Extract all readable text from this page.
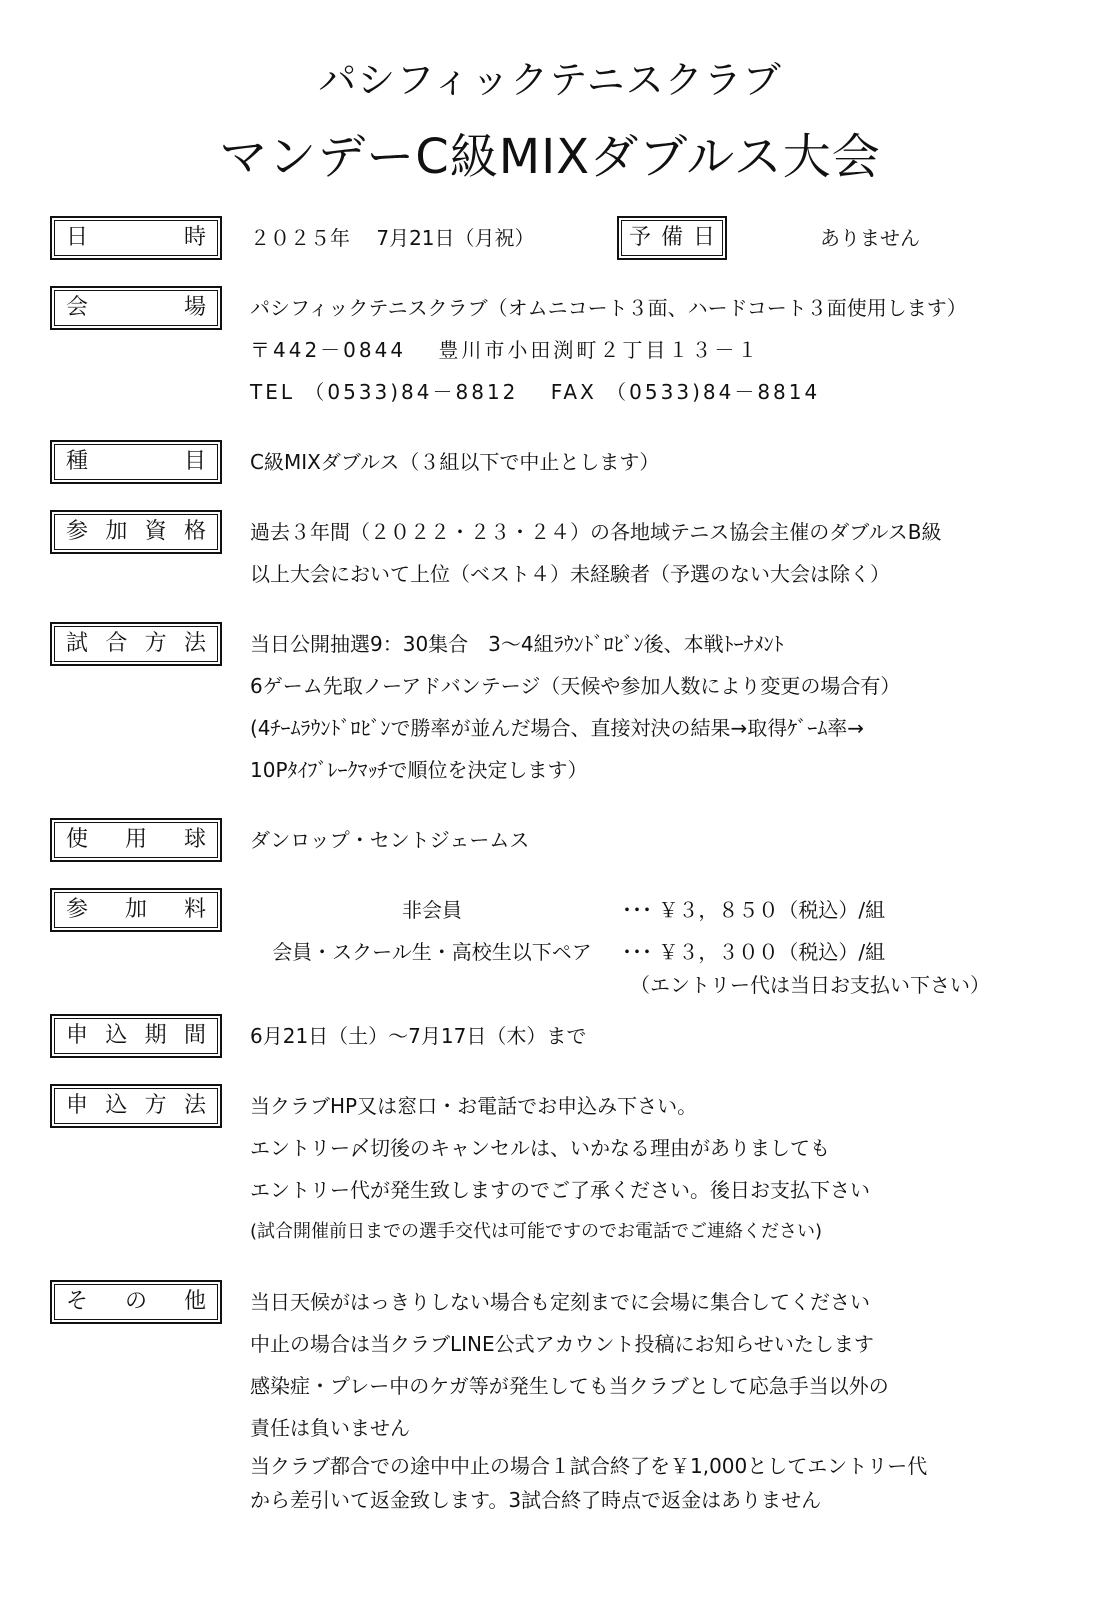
パシフィックテニスクラブ
マンデーC級MIXダブルス大会
日時 ２０２５年　 7月21日（月祝）	予備日	ありません
会場 パシフィックテニスクラブ（オムニコート３面、ハードコート３面使用します）
〒442－0844　 豊川市小田渕町２丁目１３－１
TEL （0533)84－8812　 FAX （0533)84－8814
種目 C級MIXダブルス（３組以下で中止とします）
参加資格 過去３年間（２０２２・２３・２４）の各地域テニス協会主催のダブルスB級
以上大会において上位（ベスト４）未経験者（予選のない大会は除く）
試合方法 当日公開抽選9：30集合　3～4組ﾗｳﾝﾄﾞﾛﾋﾞﾝ後、本戦ﾄｰﾅﾒﾝﾄ
6ゲーム先取ノーアドバンテージ（天候や参加人数により変更の場合有）
(4ﾁｰﾑﾗｳﾝﾄﾞﾛﾋﾞﾝで勝率が並んだ場合、直接対決の結果→取得ｹﾞｰﾑ率→
10Pﾀｲﾌﾞﾚｰｸﾏｯﾁで順位を決定します）
使用球 ダンロップ・セントジェームス
参加料	非会員	･･･ ￥３，８５０（税込）/組
会員・スクール生・高校生以下ペア	･･･ ￥３，３００（税込）/組
（エントリー代は当日お支払い下さい）
申込期間 6月21日（土）～7月17日（木）まで
申込方法 当クラブHP又は窓口・お電話でお申込み下さい。
エントリー〆切後のキャンセルは、いかなる理由がありましても
エントリー代が発生致しますのでご了承ください。後日お支払下さい
(試合開催前日までの選手交代は可能ですのでお電話でご連絡ください)
その他 当日天候がはっきりしない場合も定刻までに会場に集合してください
中止の場合は当クラブLINE公式アカウント投稿にお知らせいたします
感染症・プレー中のケガ等が発生しても当クラブとして応急手当以外の
責任は負いません
当クラブ都合での途中中止の場合１試合終了を￥1,000としてエントリー代
から差引いて返金致します。3試合終了時点で返金はありません
